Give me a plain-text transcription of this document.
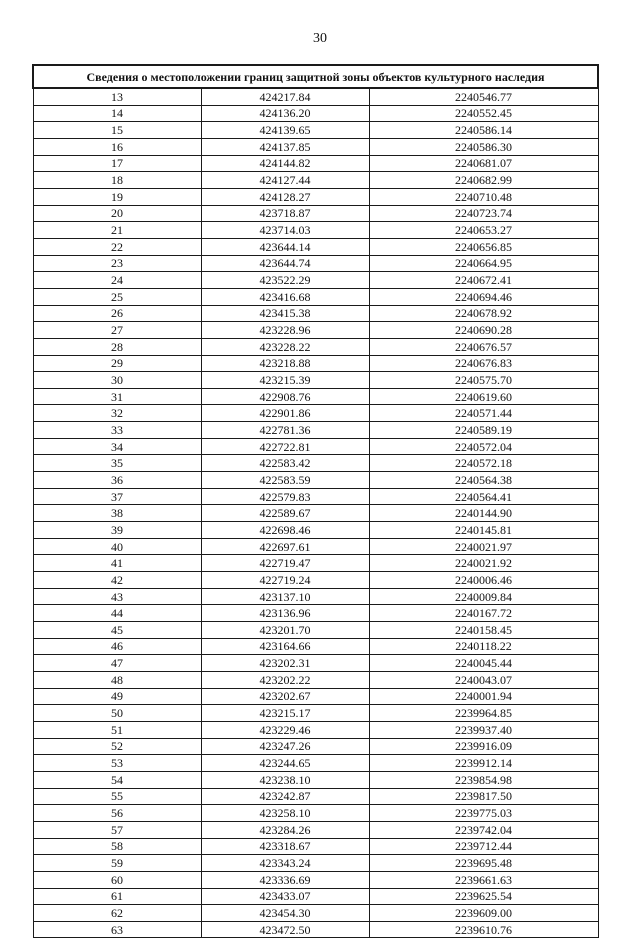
30
Сведения о местоположении границ защитной зоны объектов культурного наследия		
13	424217.84	2240546.77
14	424136.20	2240552.45
15	424139.65	2240586.14
16	424137.85	2240586.30
17	424144.82	2240681.07
18	424127.44	2240682.99
19	424128.27	2240710.48
20	423718.87	2240723.74
21	423714.03	2240653.27
22	423644.14	2240656.85
23	423644.74	2240664.95
24	423522.29	2240672.41
25	423416.68	2240694.46
26	423415.38	2240678.92
27	423228.96	2240690.28
28	423228.22	2240676.57
29	423218.88	2240676.83
30	423215.39	2240575.70
31	422908.76	2240619.60
32	422901.86	2240571.44
33	422781.36	2240589.19
34	422722.81	2240572.04
35	422583.42	2240572.18
36	422583.59	2240564.38
37	422579.83	2240564.41
38	422589.67	2240144.90
39	422698.46	2240145.81
40	422697.61	2240021.97
41	422719.47	2240021.92
42	422719.24	2240006.46
43	423137.10	2240009.84
44	423136.96	2240167.72
45	423201.70	2240158.45
46	423164.66	2240118.22
47	423202.31	2240045.44
48	423202.22	2240043.07
49	423202.67	2240001.94
50	423215.17	2239964.85
51	423229.46	2239937.40
52	423247.26	2239916.09
53	423244.65	2239912.14
54	423238.10	2239854.98
55	423242.87	2239817.50
56	423258.10	2239775.03
57	423284.26	2239742.04
58	423318.67	2239712.44
59	423343.24	2239695.48
60	423336.69	2239661.63
61	423433.07	2239625.54
62	423454.30	2239609.00
63	423472.50	2239610.76
